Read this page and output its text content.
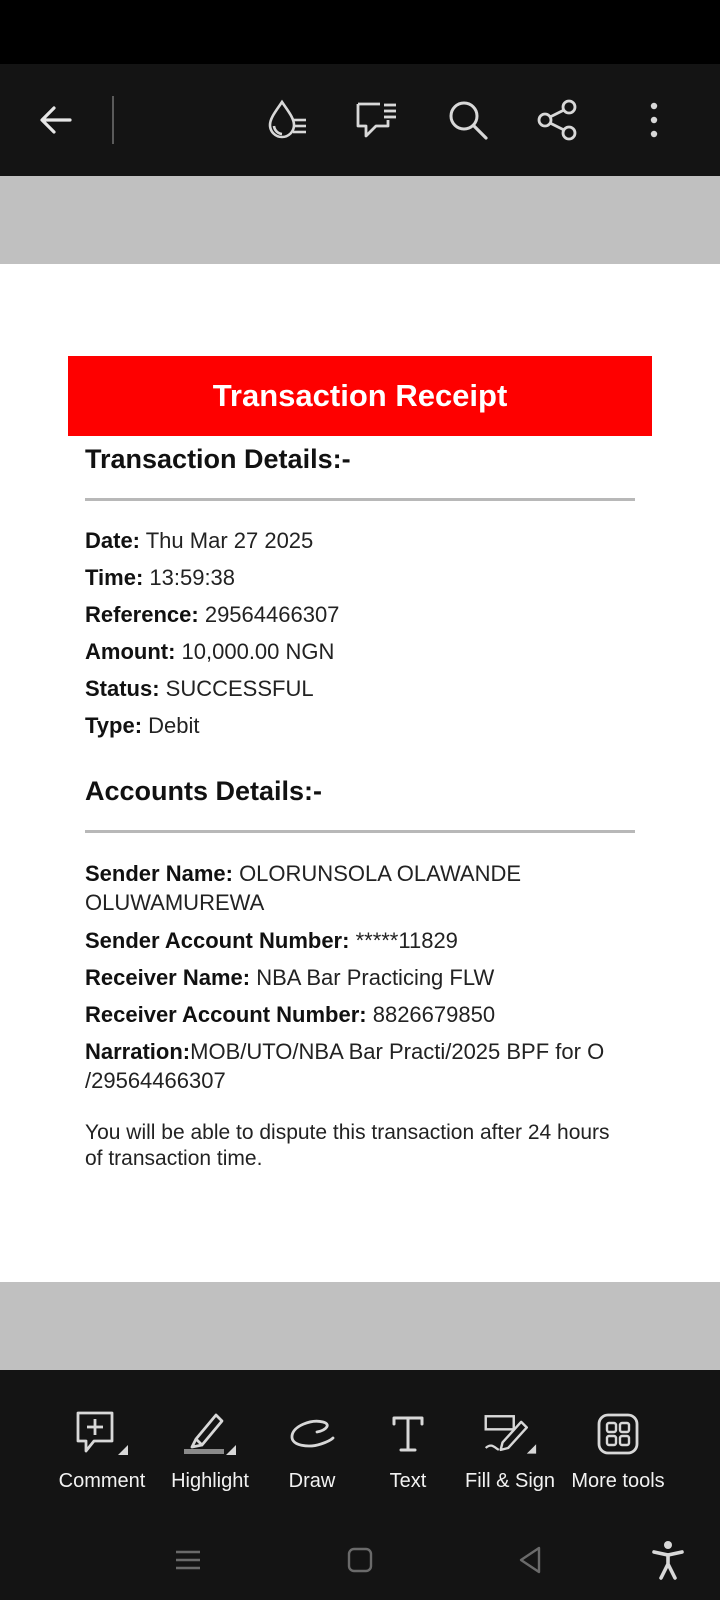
Transaction Receipt
Transaction Details:-
Date: Thu Mar 27 2025
Time: 13:59:38
Reference: 29564466307
Amount: 10,000.00 NGN
Status: SUCCESSFUL
Type: Debit
Accounts Details:-
Sender Name: OLORUNSOLA OLAWANDE OLUWAMUREWA
Sender Account Number: *****11829
Receiver Name: NBA Bar Practicing FLW
Receiver Account Number: 8826679850
Narration:MOB/UTO/NBA Bar Practi/2025 BPF for O /29564466307
You will be able to dispute this transaction after 24 hours of transaction time.
Comment Highlight Draw	Text Fill & Sign More tools
